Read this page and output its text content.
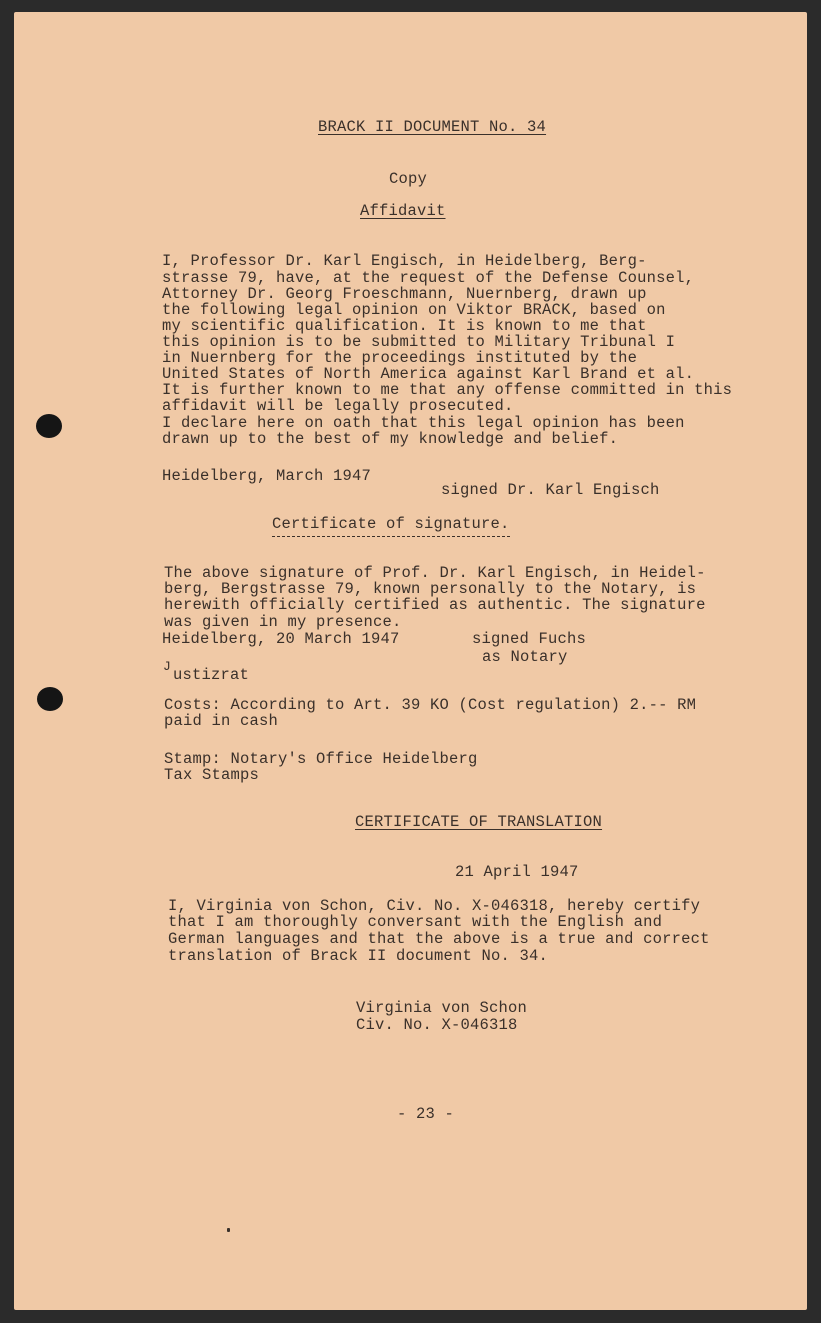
BRACK II DOCUMENT No. 34
Copy
Affidavit
I, Professor Dr. Karl Engisch, in Heidelberg, Berg-
strasse 79, have, at the request of the Defense Counsel,
Attorney Dr. Georg Froeschmann, Nuernberg, drawn up
the following legal opinion on Viktor BRACK, based on
my scientific qualification. It is known to me that
this opinion is to be submitted to Military Tribunal I
in Nuernberg for the proceedings instituted by the
United States of North America against Karl Brand et al.
It is further known to me that any offense committed in this
affidavit will be legally prosecuted.
I declare here on oath that this legal opinion has been
drawn up to the best of my knowledge and belief.
Heidelberg, March 1947
signed Dr. Karl Engisch
Certificate of signature.
The above signature of Prof. Dr. Karl Engisch, in Heidel-
berg, Bergstrasse 79, known personally to the Notary, is
herewith officially certified as authentic. The signature
was given in my presence.
Heidelberg, 20 March 1947	signed Fuchs
as Notary
J ustizrat
Costs: According to Art. 39 KO (Cost regulation) 2.-- RM
paid in cash
Stamp: Notary's Office Heidelberg
Tax Stamps
CERTIFICATE OF TRANSLATION
21 April 1947
I, Virginia von Schon, Civ. No. X-046318, hereby certify
that I am thoroughly conversant with the English and
German languages and that the above is a true and correct
translation of Brack II document No. 34.
Virginia von Schon
Civ. No. X-046318
- 23 -
